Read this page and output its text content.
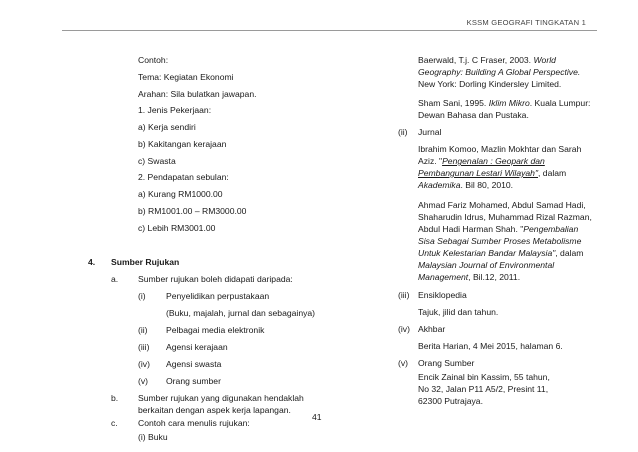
KSSM GEOGRAFI TINGKATAN 1
Contoh:
Tema: Kegiatan Ekonomi
Arahan: Sila bulatkan jawapan.
1. Jenis Pekerjaan:
a) Kerja sendiri
b) Kakitangan kerajaan
c) Swasta
2. Pendapatan sebulan:
a) Kurang RM1000.00
b) RM1001.00 – RM3000.00
c) Lebih RM3001.00
4. Sumber Rujukan
a. Sumber rujukan boleh didapati daripada:
(i) Penyelidikan perpustakaan
(Buku, majalah, jurnal dan sebagainya)
(ii) Pelbagai media elektronik
(iii) Agensi kerajaan
(iv) Agensi swasta
(v) Orang sumber
b. Sumber rujukan yang digunakan hendaklah
Baerwald, T.j. C Fraser, 2003. World
Geography: Building A Global Perspective.
New York: Dorling Kindersley Limited.
Sham Sani, 1995. Iklim Mikro. Kuala Lumpur:
Dewan Bahasa dan Pustaka.
(ii) Jurnal
Ibrahim Komoo, Mazlin Mokhtar dan Sarah
Aziz. "Pengenalan : Geopark dan
Pembangunan Lestari Wilayah", dalam
Akademika. Bil 80, 2010.
Ahmad Fariz Mohamed, Abdul Samad Hadi,
Shaharudin Idrus, Muhammad Rizal Razman,
Abdul Hadi Harman Shah. "Pengembalian
Sisa Sebagai Sumber Proses Metabolisme
Untuk Kelestarian Bandar Malaysia", dalam
Malaysian Journal of Environmental
Management, Bil.12, 2011.
(iii) Ensiklopedia
Tajuk, jilid dan tahun.
(iv) Akhbar
Berita Harian, 4 Mei 2015, halaman 6.
(v) Orang Sumber
Encik Zainal bin Kassim, 55 tahun,
No 32, Jalan P11 A5/2, Presint 11,
62300 Putrajaya.
berkaitan dengan aspek kerja lapangan.
c. Contoh cara menulis rujukan:
(i) Buku
41
